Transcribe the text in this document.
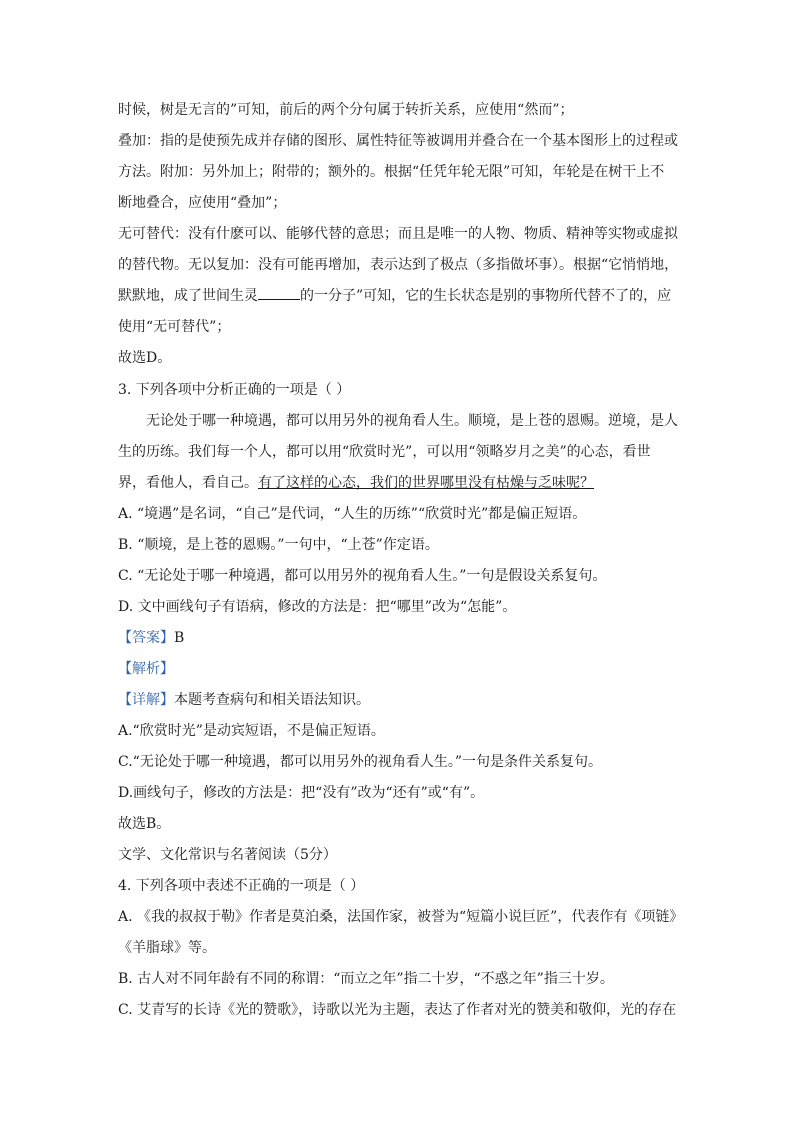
时候，树是无言的”可知，前后的两个分句属于转折关系，应使用“然而”；
叠加：指的是使预先成并存储的图形、属性特征等被调用并叠合在一个基本图形上的过程或
方法。附加：另外加上；附带的；额外的。根据“任凭年轮无限”可知，年轮是在树干上不
断地叠合，应使用“叠加”；
无可替代：没有什麽可以、能够代替的意思；而且是唯一的人物、物质、精神等实物或虚拟
的替代物。无以复加：没有可能再增加，表示达到了极点（多指做坏事）。根据“它悄悄地，
默默地，成了世间生灵	的一分子”可知，它的生长状态是别的事物所代替不了的，应
使用“无可替代”；
故选D。
3. 下列各项中分析正确的一项是（ ）
无论处于哪一种境遇，都可以用另外的视角看人生。顺境，是上苍的恩赐。逆境，是人
生的历练。我们每一个人，都可以用“欣赏时光”，可以用“领略岁月之美”的心态，看世
界，看他人，看自己。有了这样的心态，我们的世界哪里没有枯燥与乏味呢？
A. “境遇”是名词，“自己”是代词，“人生的历练”“欣赏时光”都是偏正短语。
B. “顺境，是上苍的恩赐。”一句中，“上苍”作定语。
C. “无论处于哪一种境遇，都可以用另外的视角看人生。”一句是假设关系复句。
D. 文中画线句子有语病，修改的方法是：把“哪里”改为“怎能”。
【答案】B
【解析】
【详解】本题考查病句和相关语法知识。
A.“欣赏时光”是动宾短语，不是偏正短语。
C.“无论处于哪一种境遇，都可以用另外的视角看人生。”一句是条件关系复句。
D.画线句子，修改的方法是：把“没有”改为“还有”或“有”。
故选B。
文学、文化常识与名著阅读（5分）
4. 下列各项中表述不正确的一项是（ ）
A. 《我的叔叔于勒》作者是莫泊桑，法国作家，被誉为“短篇小说巨匠”，代表作有《项链》
《羊脂球》等。
B. 古人对不同年龄有不同的称谓：“而立之年”指二十岁，“不惑之年”指三十岁。
C. 艾青写的长诗《光的赞歌》，诗歌以光为主题，表达了作者对光的赞美和敬仰，光的存在
